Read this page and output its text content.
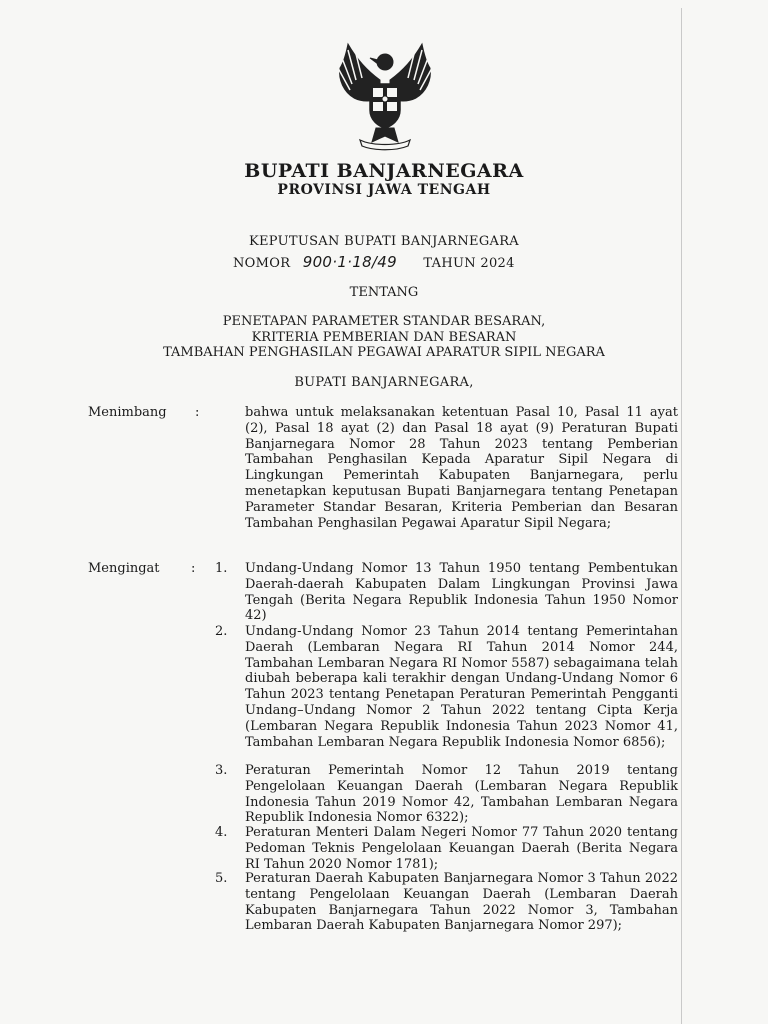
BUPATI BANJARNEGARA
PROVINSI JAWA TENGAH
KEPUTUSAN BUPATI BANJARNEGARA
NOMOR 900·1·18/49 TAHUN 2024
TENTANG
PENETAPAN PARAMETER STANDAR BESARAN,
KRITERIA PEMBERIAN DAN BESARAN
TAMBAHAN PENGHASILAN PEGAWAI APARATUR SIPIL NEGARA
BUPATI BANJARNEGARA,
Menimbang :	bahwa untuk melaksanakan ketentuan Pasal 10, Pasal 11 ayat (2), Pasal 18 ayat (2) dan Pasal 18 ayat (9) Peraturan Bupati Banjarnegara Nomor 28 Tahun 2023 tentang Pemberian Tambahan Penghasilan Kepada Aparatur Sipil Negara di Lingkungan Pemerintah Kabupaten Banjarnegara, perlu menetapkan keputusan Bupati Banjarnegara tentang Penetapan Parameter Standar Besaran, Kriteria Pemberian dan Besaran Tambahan Penghasilan Pegawai Aparatur Sipil Negara;
Mengingat : 1. Undang-Undang Nomor 13 Tahun 1950 tentang Pembentukan Daerah-daerah Kabupaten Dalam Lingkungan Provinsi Jawa Tengah (Berita Negara Republik Indonesia Tahun 1950 Nomor 42)
2. Undang-Undang Nomor 23 Tahun 2014 tentang Pemerintahan Daerah (Lembaran Negara RI Tahun 2014 Nomor 244, Tambahan Lembaran Negara RI Nomor 5587) sebagaimana telah diubah beberapa kali terakhir dengan Undang-Undang Nomor 6 Tahun 2023 tentang Penetapan Peraturan Pemerintah Pengganti Undang–Undang Nomor 2 Tahun 2022 tentang Cipta Kerja (Lembaran Negara Republik Indonesia Tahun 2023 Nomor 41, Tambahan Lembaran Negara Republik Indonesia Nomor 6856);
3. Peraturan Pemerintah Nomor 12 Tahun 2019 tentang Pengelolaan Keuangan Daerah (Lembaran Negara Republik Indonesia Tahun 2019 Nomor 42, Tambahan Lembaran Negara Republik Indonesia Nomor 6322);
4. Peraturan Menteri Dalam Negeri Nomor 77 Tahun 2020 tentang Pedoman Teknis Pengelolaan Keuangan Daerah (Berita Negara RI Tahun 2020 Nomor 1781);
5. Peraturan Daerah Kabupaten Banjarnegara Nomor 3 Tahun 2022 tentang Pengelolaan Keuangan Daerah (Lembaran Daerah Kabupaten Banjarnegara Tahun 2022 Nomor 3, Tambahan Lembaran Daerah Kabupaten Banjarnegara Nomor 297);
